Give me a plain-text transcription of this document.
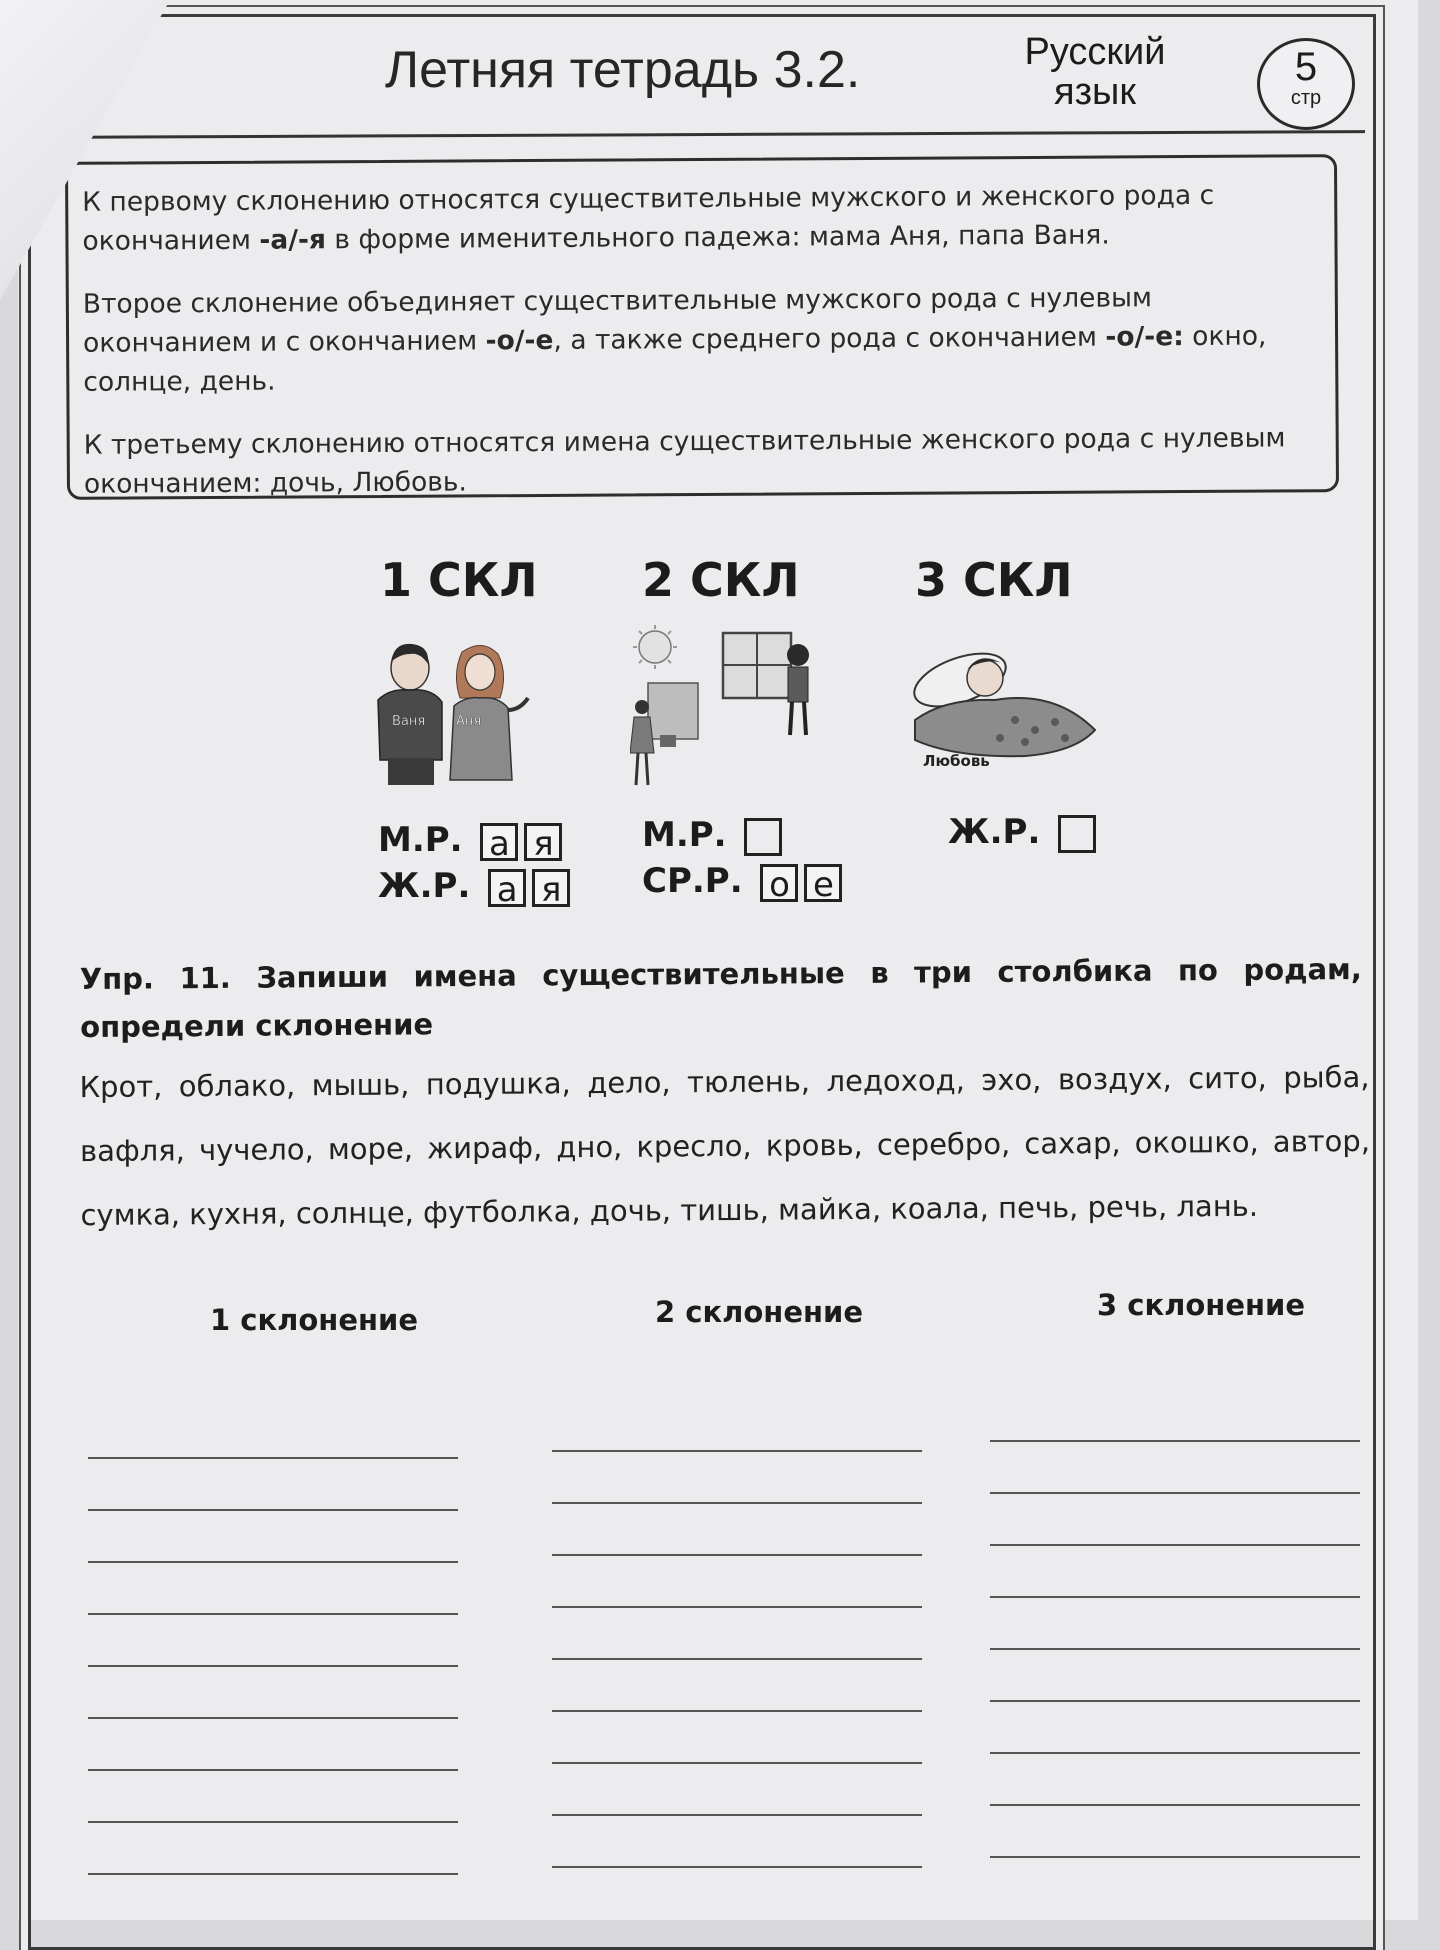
Летняя тетрадь 3.2.	Русский
язык
5
стр

К первому склонению относятся существительные мужского и женского рода с окончанием -а/-я в форме именительного падежа: мама Аня, папа Ваня.

Второе склонение объединяет существительные мужского рода с нулевым окончанием и с окончанием -о/-е, а также среднего рода с окончанием -о/-е: окно, солнце, день.

К третьему склонению относятся имена существительные женского рода с нулевым окончанием: дочь, Любовь.

1 СКЛ
Ваня Аня
М.Р. а я
Ж.Р. а я
2 СКЛ
М.Р.
СР.Р. о е
3 СКЛ
Любовь
Ж.Р.
Упр. 11. Запиши имена существительные в три столбика по родам, определи склонение
Крот, облако, мышь, подушка, дело, тюлень, ледоход, эхо, воздух, сито, рыба, вафля, чучело, море, жираф, дно, кресло, кровь, серебро, сахар, окошко, автор, сумка, кухня, солнце, футболка, дочь, тишь, майка, коала, печь, речь, лань.
1 склонение	2 склонение	3 склонение
